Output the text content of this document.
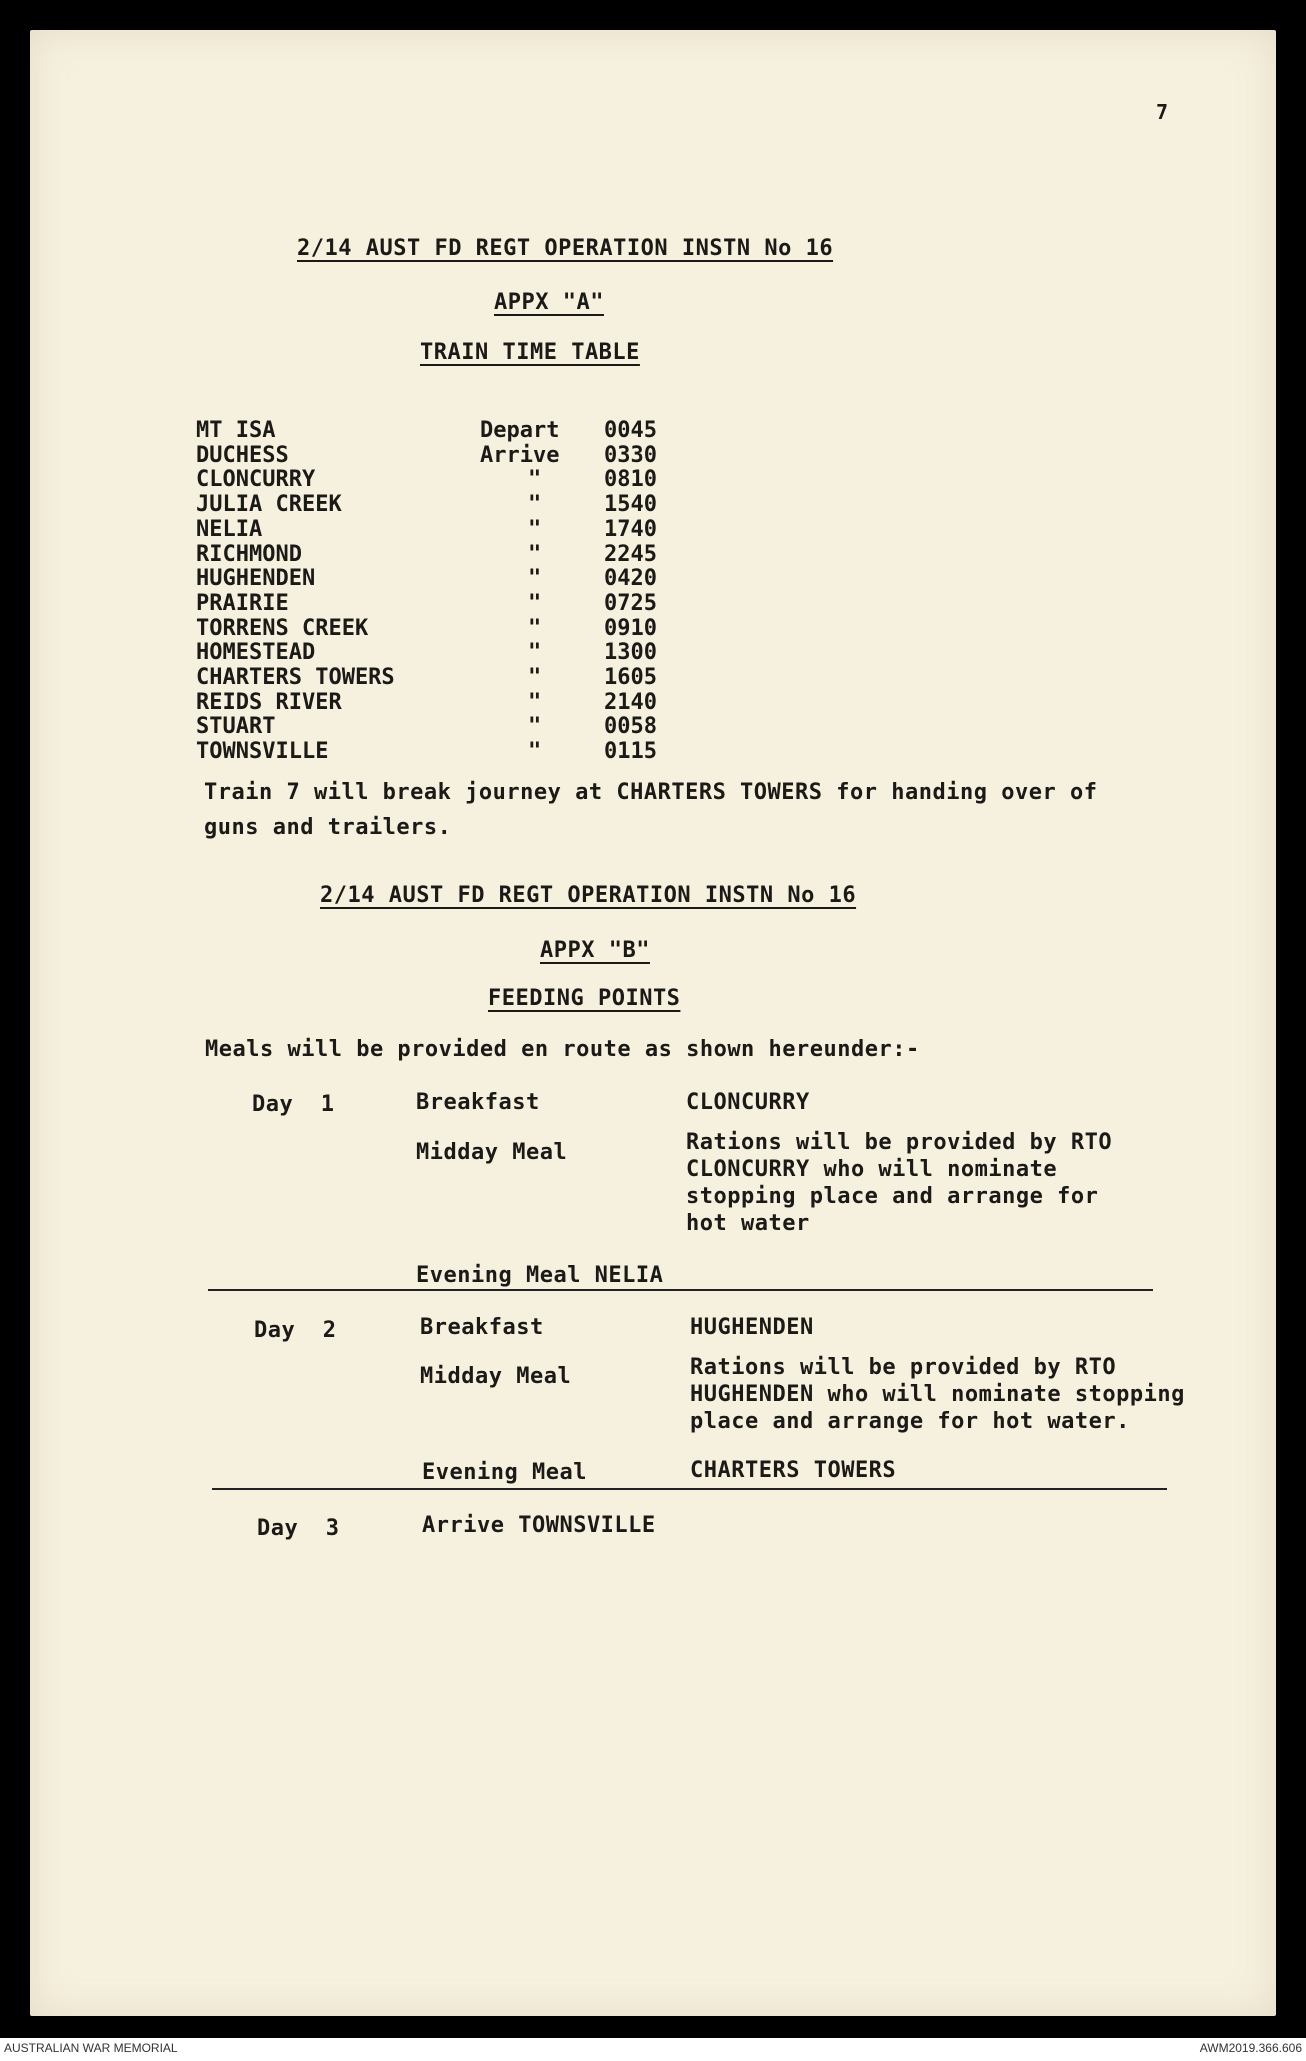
7
2/14 AUST FD REGT OPERATION INSTN No 16
APPX "A"
TRAIN TIME TABLE
MT ISA	Depart 0045
DUCHESS	Arrive 0330
CLONCURRY	"	0810
JULIA CREEK	"	1540
NELIA	"	1740
RICHMOND	"	2245
HUGHENDEN	"	0420
PRAIRIE	"	0725
TORRENS CREEK	"	0910
HOMESTEAD	"	1300
CHARTERS TOWERS	"	1605
REIDS RIVER	"	2140
STUART	"	0058
TOWNSVILLE	"	0115
Train 7 will break journey at CHARTERS TOWERS for handing over of
guns and trailers.
2/14 AUST FD REGT OPERATION INSTN No 16
APPX "B"
FEEDING POINTS
Meals will be provided en route as shown hereunder:-
Day  1	Breakfast	CLONCURRY
Midday Meal	Rations will be provided by RTO
CLONCURRY who will nominate
stopping place and arrange for
hot water
Evening Meal NELIA
Day  2	Breakfast	HUGHENDEN
Midday Meal	Rations will be provided by RTO
HUGHENDEN who will nominate stopping
place and arrange for hot water.
Evening Meal	CHARTERS TOWERS
Day  3	Arrive TOWNSVILLE
AUSTRALIAN WAR MEMORIAL	AWM2019.366.606
